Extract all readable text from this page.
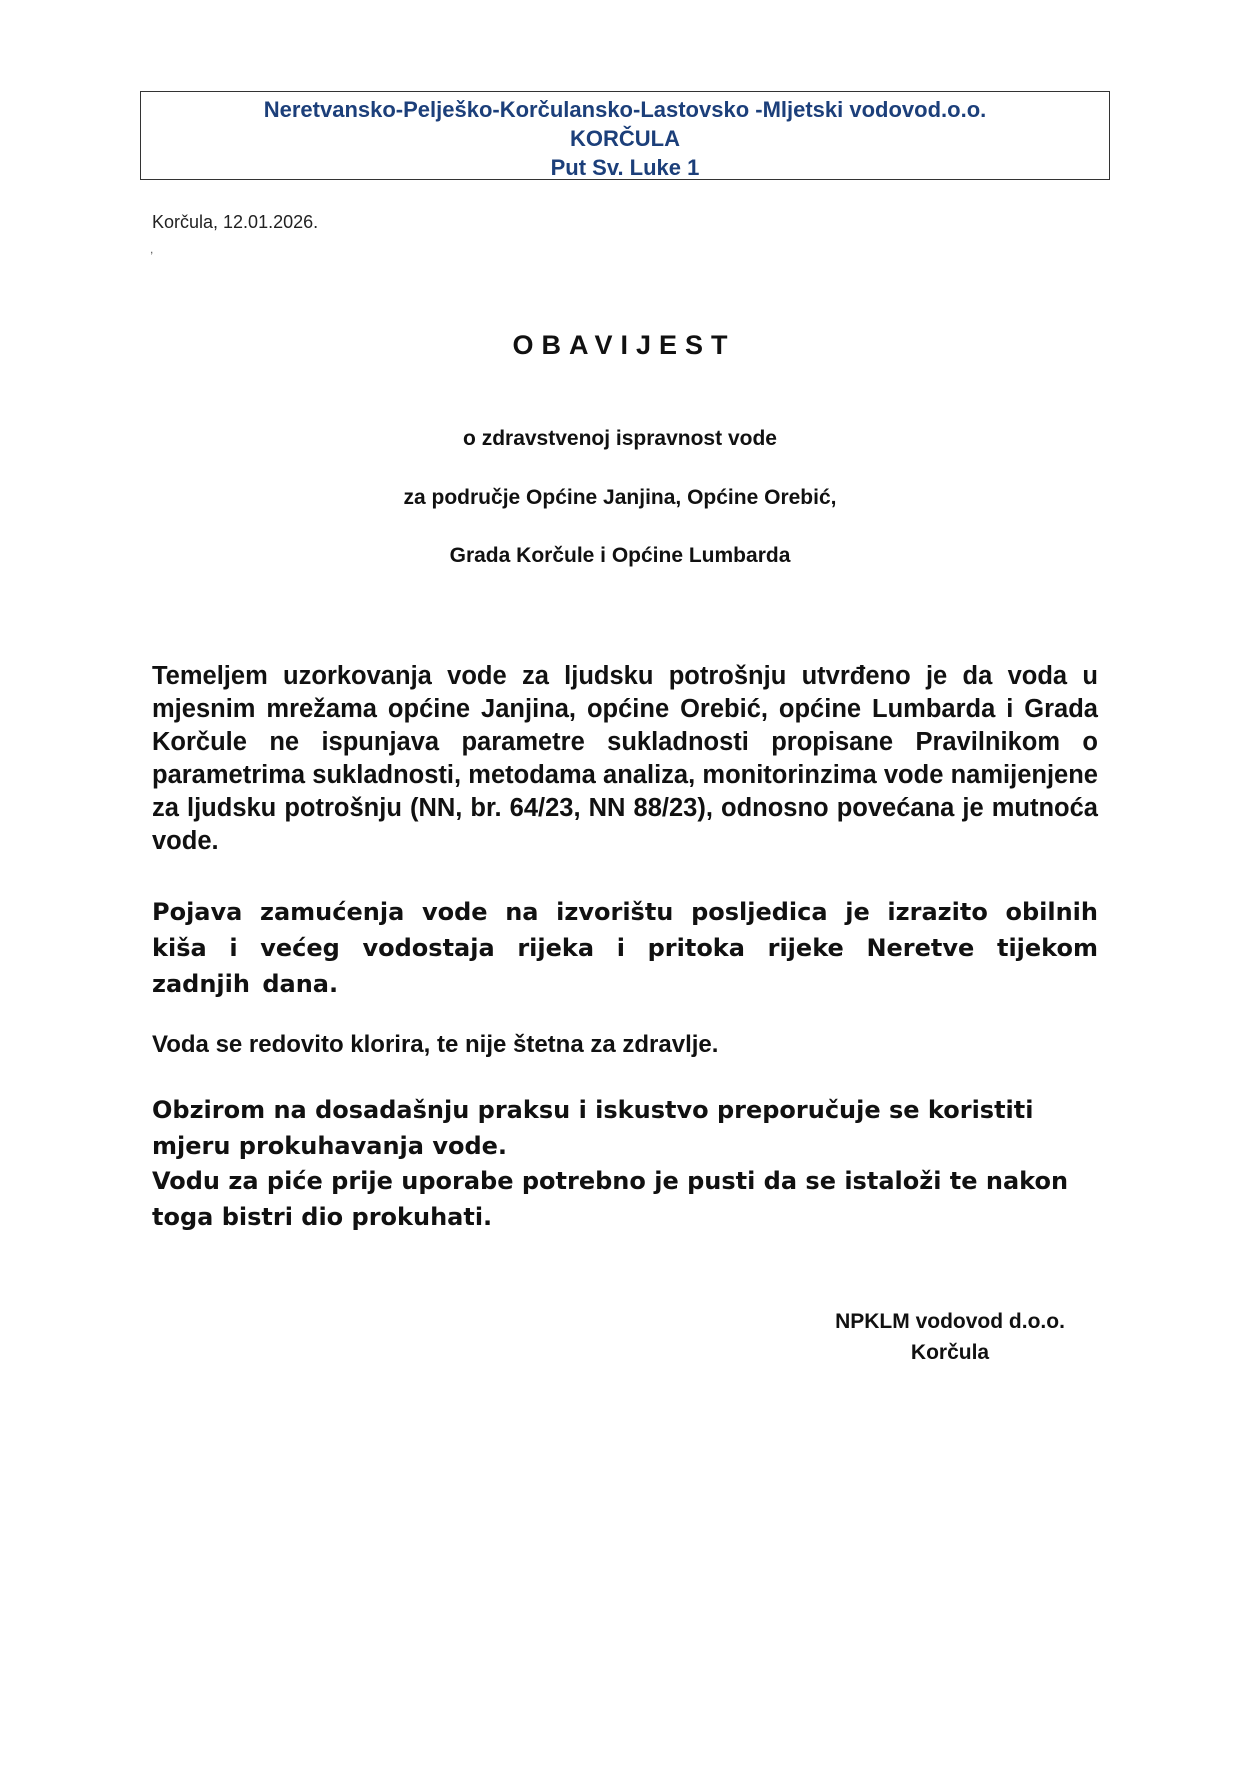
Neretvansko-Pelješko-Korčulansko-Lastovsko -Mljetski vodovod.o.o.
KORČULA
Put Sv. Luke 1
Korčula, 12.01.2026.
,
OBAVIJEST
o zdravstvenoj ispravnost vode
za područje Općine Janjina, Općine Orebić,
Grada Korčule i Općine Lumbarda
Temeljem uzorkovanja vode za ljudsku potrošnju utvrđeno je da voda u mjesnim mrežama općine Janjina, općine Orebić, općine Lumbarda i Grada Korčule ne ispunjava parametre sukladnosti propisane Pravilnikom o parametrima sukladnosti, metodama analiza, monitorinzima vode namijenjene za ljudsku potrošnju (NN, br. 64/23, NN 88/23), odnosno povećana je mutnoća vode.
Pojava zamućenja vode na izvorištu posljedica je izrazito obilnih kiša i većeg vodostaja rijeka i pritoka rijeke Neretve tijekom zadnjih dana.
Voda se redovito klorira, te nije štetna za zdravlje.
Obzirom na dosadašnju praksu i iskustvo preporučuje se koristiti mjeru prokuhavanja vode.
Vodu za piće prije uporabe potrebno je pusti da se istaloži te nakon toga bistri dio prokuhati.
NPKLM vodovod d.o.o.
Korčula
